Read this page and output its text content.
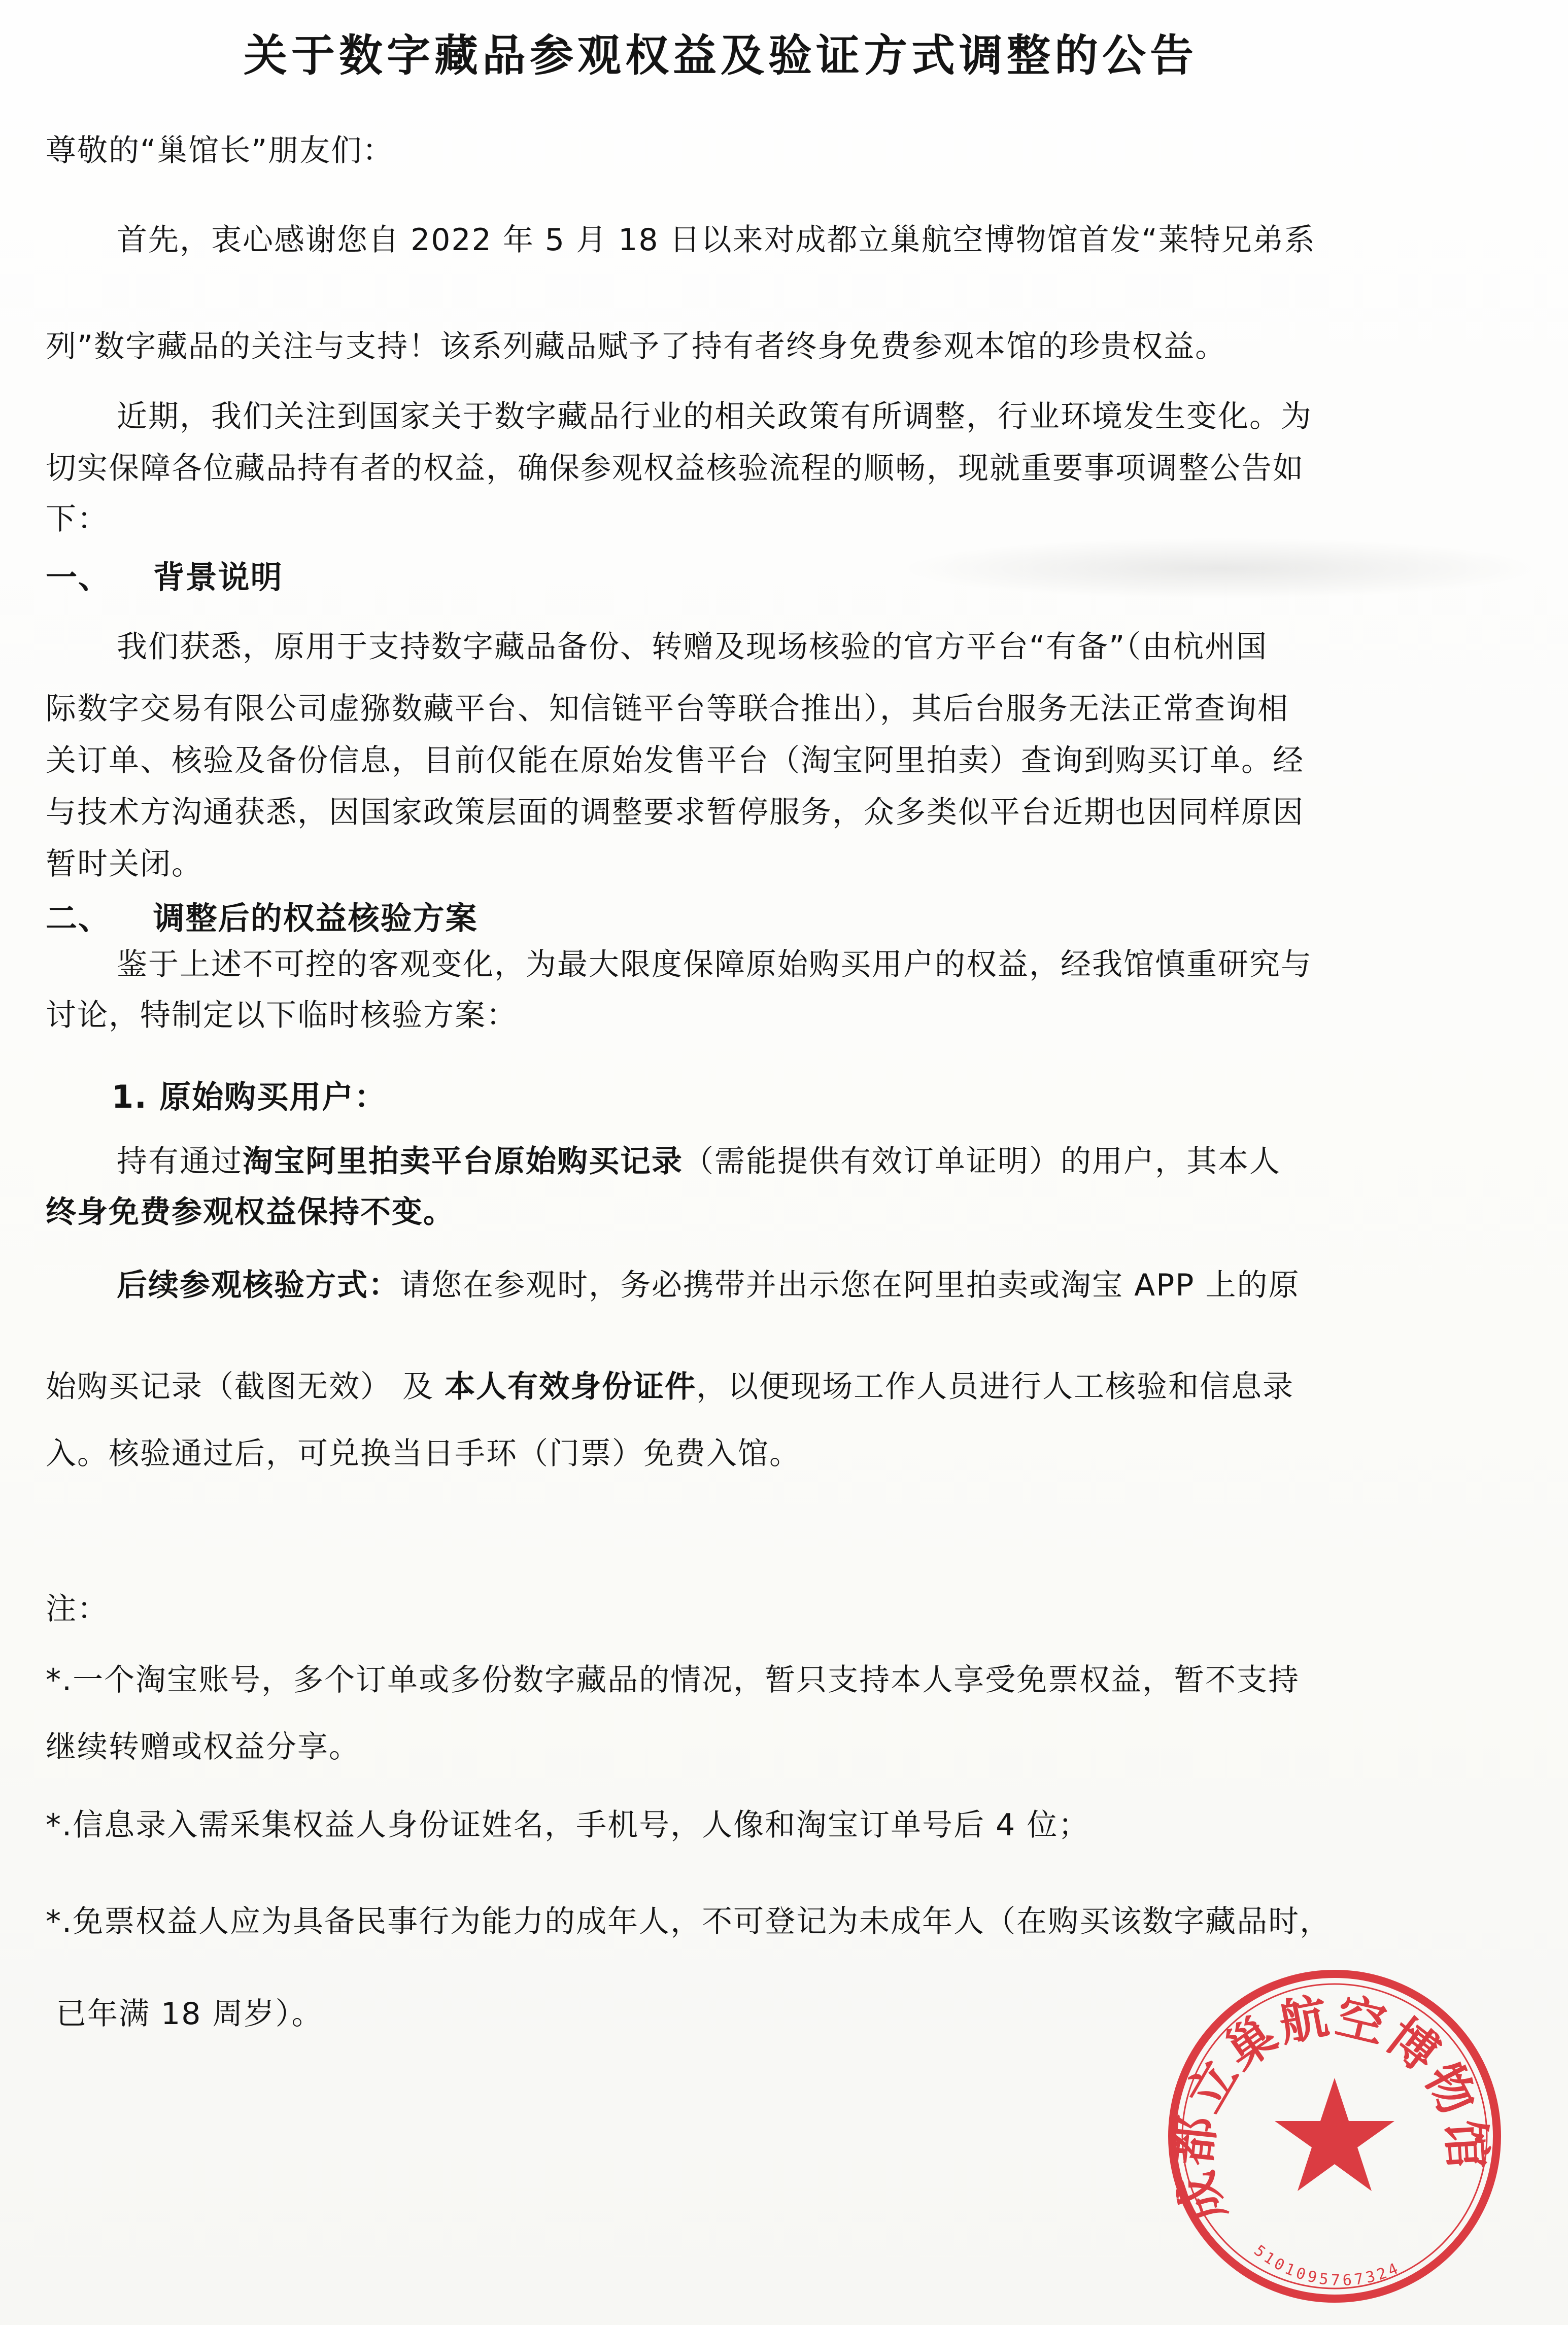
关于数字藏品参观权益及验证方式调整的公告

尊敬的“巢馆长”朋友们：

首先，衷心感谢您自 2022 年 5 月 18 日以来对成都立巢航空博物馆首发“莱特兄弟系

列”数字藏品的关注与支持！该系列藏品赋予了持有者终身免费参观本馆的珍贵权益。

近期，我们关注到国家关于数字藏品行业的相关政策有所调整，行业环境发生变化。为
切实保障各位藏品持有者的权益，确保参观权益核验流程的顺畅，现就重要事项调整公告如
下：
一、 背景说明
我们获悉，原用于支持数字藏品备份、转赠及现场核验的官方平台“有备”（由杭州国
际数字交易有限公司虚猕数藏平台、知信链平台等联合推出），其后台服务无法正常查询相
关订单、核验及备份信息，目前仅能在原始发售平台（淘宝阿里拍卖）查询到购买订单。经
与技术方沟通获悉，因国家政策层面的调整要求暂停服务，众多类似平台近期也因同样原因
暂时关闭。
二、 调整后的权益核验方案
鉴于上述不可控的客观变化，为最大限度保障原始购买用户的权益，经我馆慎重研究与
讨论，特制定以下临时核验方案：
1. 原始购买用户：
持有通过淘宝阿里拍卖平台原始购买记录（需能提供有效订单证明）的用户，其本人
终身免费参观权益保持不变。
后续参观核验方式：请您在参观时，务必携带并出示您在阿里拍卖或淘宝 APP 上的原
始购买记录（截图无效） 及 本人有效身份证件，以便现场工作人员进行人工核验和信息录
入。核验通过后，可兑换当日手环（门票）免费入馆。

注：

*.一个淘宝账号，多个订单或多份数字藏品的情况，暂只支持本人享受免票权益，暂不支持
继续转赠或权益分享。

*.信息录入需采集权益人身份证姓名，手机号，人像和淘宝订单号后 4 位；

*.免票权益人应为具备民事行为能力的成年人，不可登记为未成年人（在购买该数字藏品时，
已年满 18 周岁）。
成都立巢航空博物馆
5101095767324
